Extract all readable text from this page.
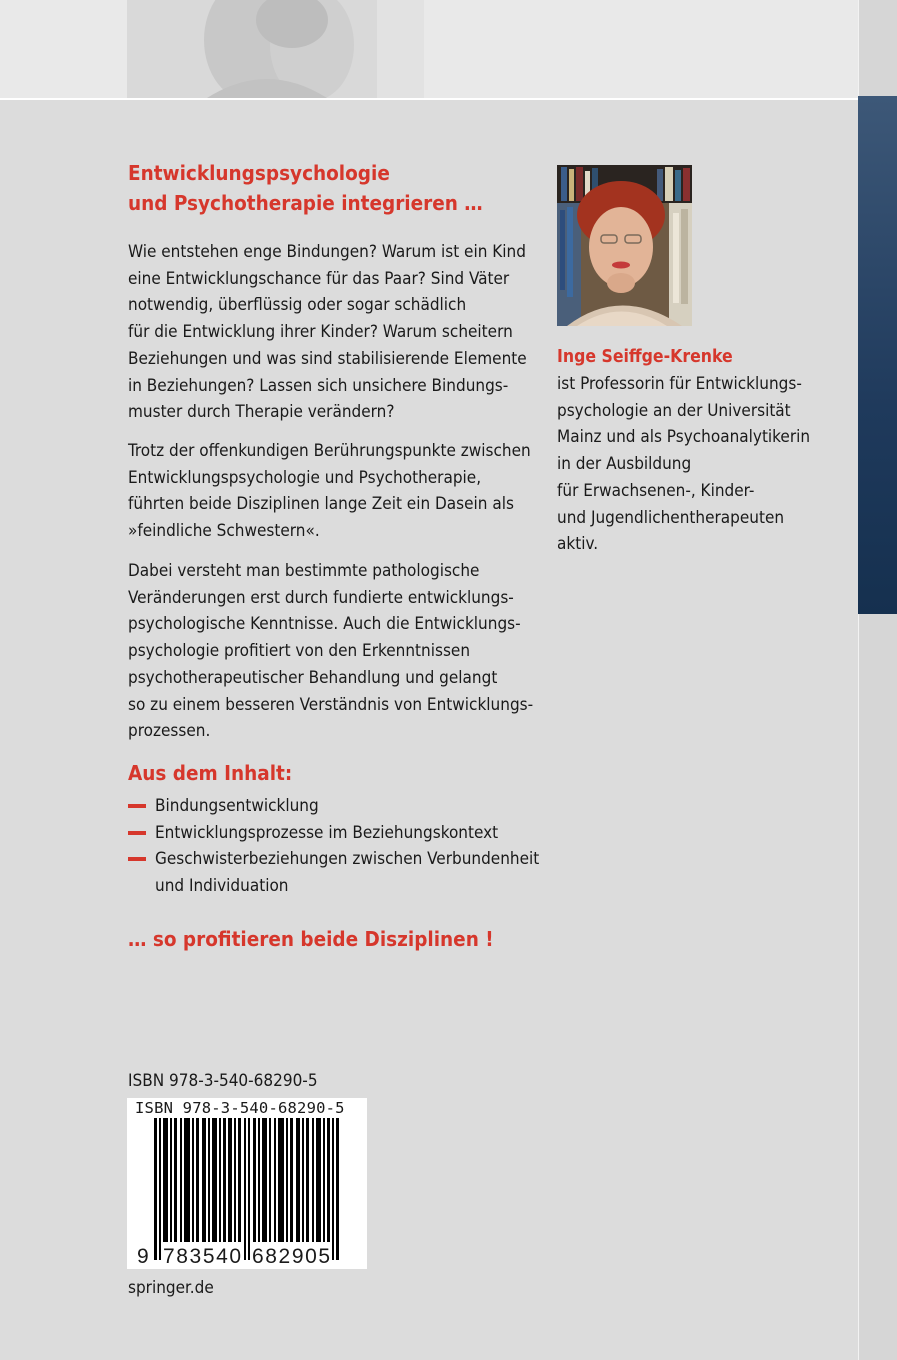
Entwicklungspsychologie
und Psychotherapie integrieren …
Wie entstehen enge Bindungen? Warum ist ein Kind
eine Entwicklungschance für das Paar? Sind Väter
notwendig, überflüssig oder sogar schädlich
für die Entwicklung ihrer Kinder? Warum scheitern
Beziehungen und was sind stabilisierende Elemente
in Beziehungen? Lassen sich unsichere Bindungs-
muster durch Therapie verändern?
Trotz der offenkundigen Berührungspunkte zwischen
Entwicklungspsychologie und Psychotherapie,
führten beide Disziplinen lange Zeit ein Dasein als
»feindliche Schwestern«.
Dabei versteht man bestimmte pathologische
Veränderungen erst durch fundierte entwicklungs-
psychologische Kenntnisse. Auch die Entwicklungs-
psychologie profitiert von den Erkenntnissen
psychotherapeutischer Behandlung und gelangt
so zu einem besseren Verständnis von Entwicklungs-
prozessen.
Aus dem Inhalt:
Bindungsentwicklung
Entwicklungsprozesse im Beziehungskontext
Geschwisterbeziehungen zwischen Verbundenheit und Individuation
… so profitieren beide Disziplinen !
Inge Seiffge-Krenke
ist Professorin für Entwicklungs-
psychologie an der Universität
Mainz und als Psychoanalytikerin
in der Ausbildung
für Erwachsenen-, Kinder-
und Jugendlichentherapeuten
aktiv.
ISBN 978-3-540-68290-5
ISBN 978-3-540-68290-5
9 783540 682905
springer.de
